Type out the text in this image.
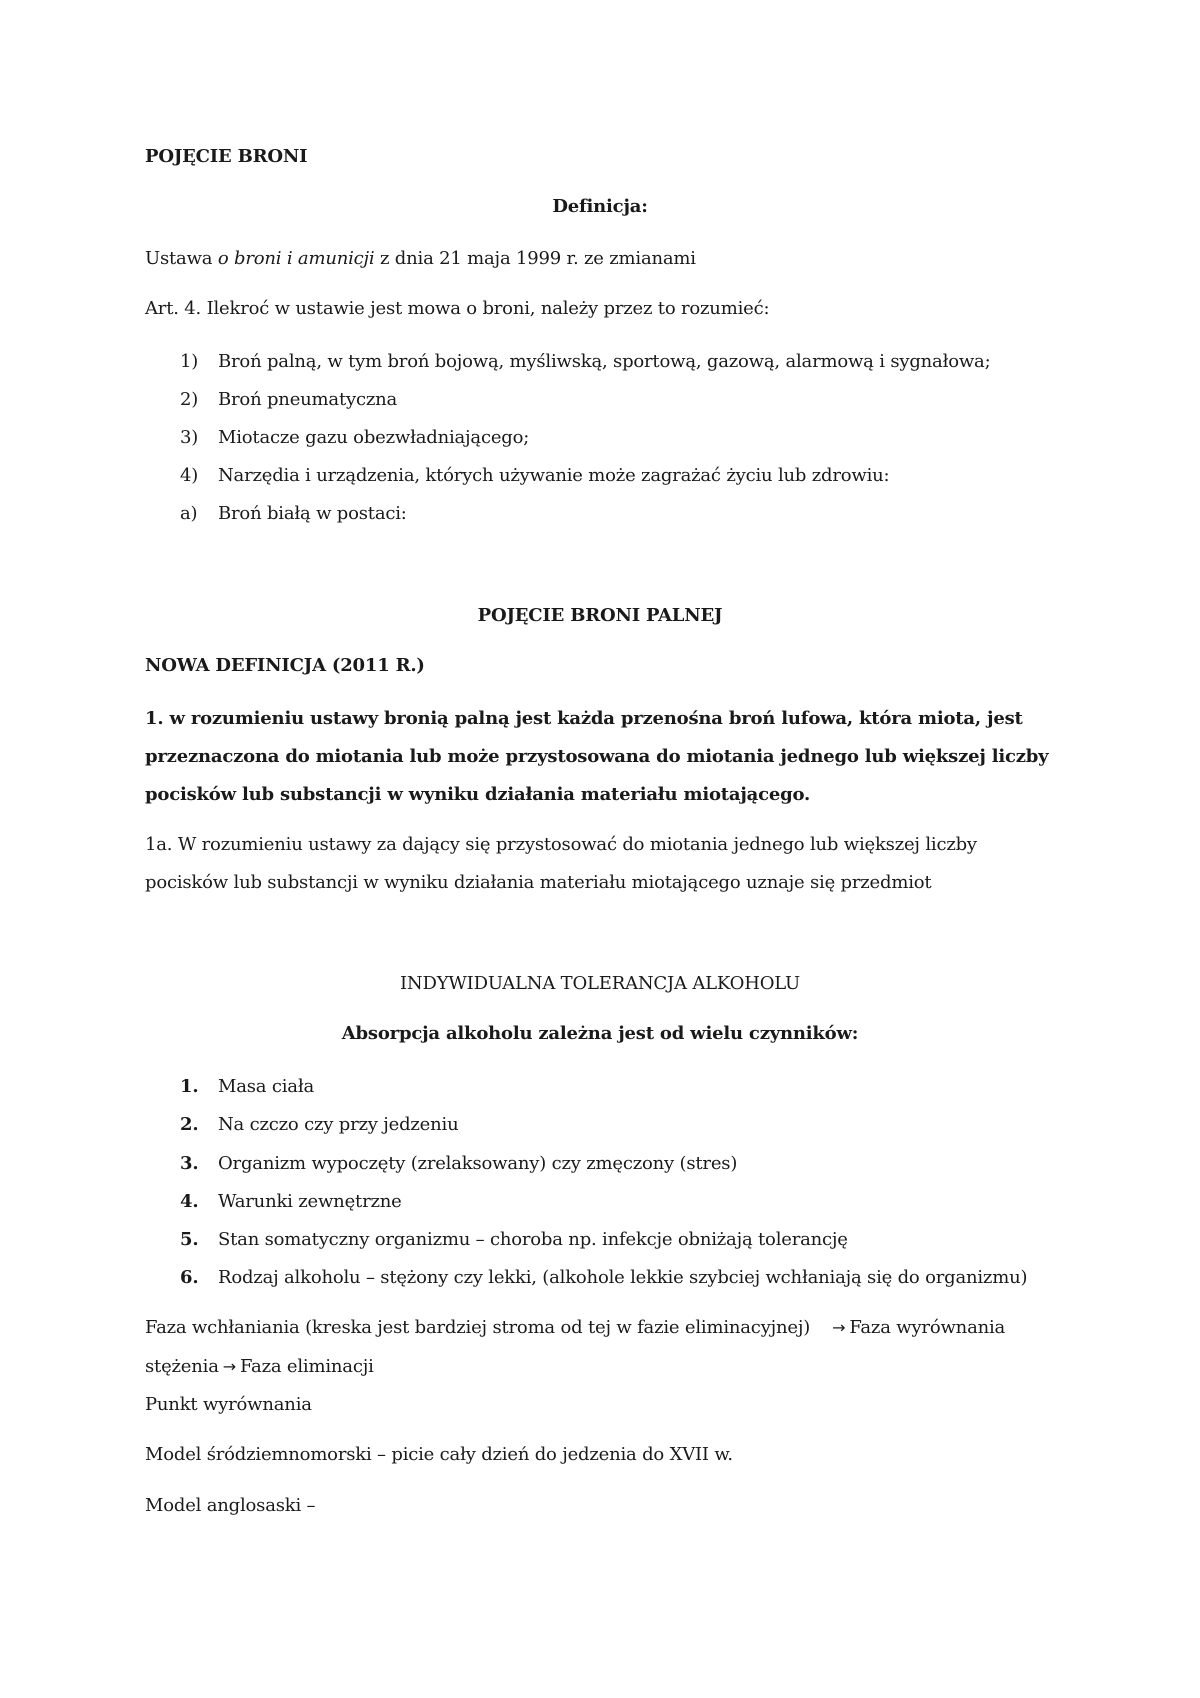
POJĘCIE BRONI
Definicja:
Ustawa o broni i amunicji z dnia 21 maja 1999 r. ze zmianami
Art. 4. Ilekroć w ustawie jest mowa o broni, należy przez to rozumieć:
1)	Broń palną, w tym broń bojową, myśliwską, sportową, gazową, alarmową i sygnałowa;
2)	Broń pneumatyczna
3)	Miotacze gazu obezwładniającego;
4)	Narzędia i urządzenia, których używanie może zagrażać życiu lub zdrowiu:
a)	Broń białą w postaci:
POJĘCIE BRONI PALNEJ
NOWA DEFINICJA (2011 R.)
1. w rozumieniu ustawy bronią palną jest każda przenośna broń lufowa, która miota, jest
przeznaczona do miotania lub może przystosowana do miotania jednego lub większej liczby
pocisków lub substancji w wyniku działania materiału miotającego.
1a. W rozumieniu ustawy za dający się przystosować do miotania jednego lub większej liczby
pocisków lub substancji w wyniku działania materiału miotającego uznaje się przedmiot
INDYWIDUALNA TOLERANCJA ALKOHOLU
Absorpcja alkoholu zależna jest od wielu czynników:
1.	Masa ciała
2.	Na czczo czy przy jedzeniu
3.	Organizm wypoczęty (zrelaksowany) czy zmęczony (stres)
4.	Warunki zewnętrzne
5.	Stan somatyczny organizmu – choroba np. infekcje obniżają tolerancję
6.	Rodzaj alkoholu – stężony czy lekki, (alkohole lekkie szybciej wchłaniają się do organizmu)
Faza wchłaniania (kreska jest bardziej stroma od tej w fazie eliminacyjnej) → Faza wyrównania
stężenia → Faza eliminacji
Punkt wyrównania
Model śródziemnomorski – picie cały dzień do jedzenia do XVII w.
Model anglosaski –
